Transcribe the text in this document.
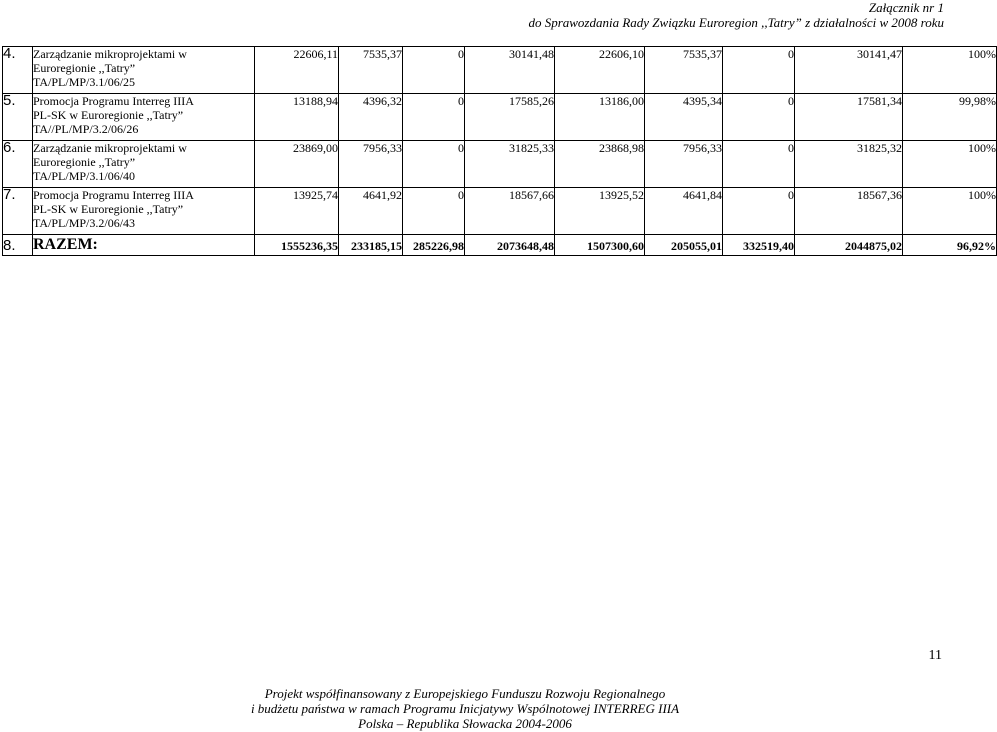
Załącznik nr 1
do Sprawozdania Rady Związku Euroregion ,,Tatry” z działalności w 2008 roku
4.	Zarządzanie mikroprojektami w
Euroregionie ,,Tatry”
TA/PL/MP/3.1/06/25	22606,11	7535,37	0	30141,48	22606,10	7535,37	0	30141,47	100%
5.	Promocja Programu Interreg IIIA
PL-SK w Euroregionie ,,Tatry”
TA//PL/MP/3.2/06/26	13188,94	4396,32	0	17585,26	13186,00	4395,34	0	17581,34	99,98%
6.	Zarządzanie mikroprojektami w
Euroregionie ,,Tatry”
TA/PL/MP/3.1/06/40	23869,00	7956,33	0	31825,33	23868,98	7956,33	0	31825,32	100%
7.	Promocja Programu Interreg IIIA
PL-SK w Euroregionie ,,Tatry”
TA/PL/MP/3.2/06/43	13925,74	4641,92	0	18567,66	13925,52	4641,84	0	18567,36	100%
8.	RAZEM:	1555236,35	233185,15	285226,98	2073648,48	1507300,60	205055,01	332519,40	2044875,02	96,92%
11
Projekt współfinansowany z Europejskiego Funduszu Rozwoju Regionalnego
i budżetu państwa w ramach Programu Inicjatywy Wspólnotowej INTERREG IIIA
Polska – Republika Słowacka 2004-2006
